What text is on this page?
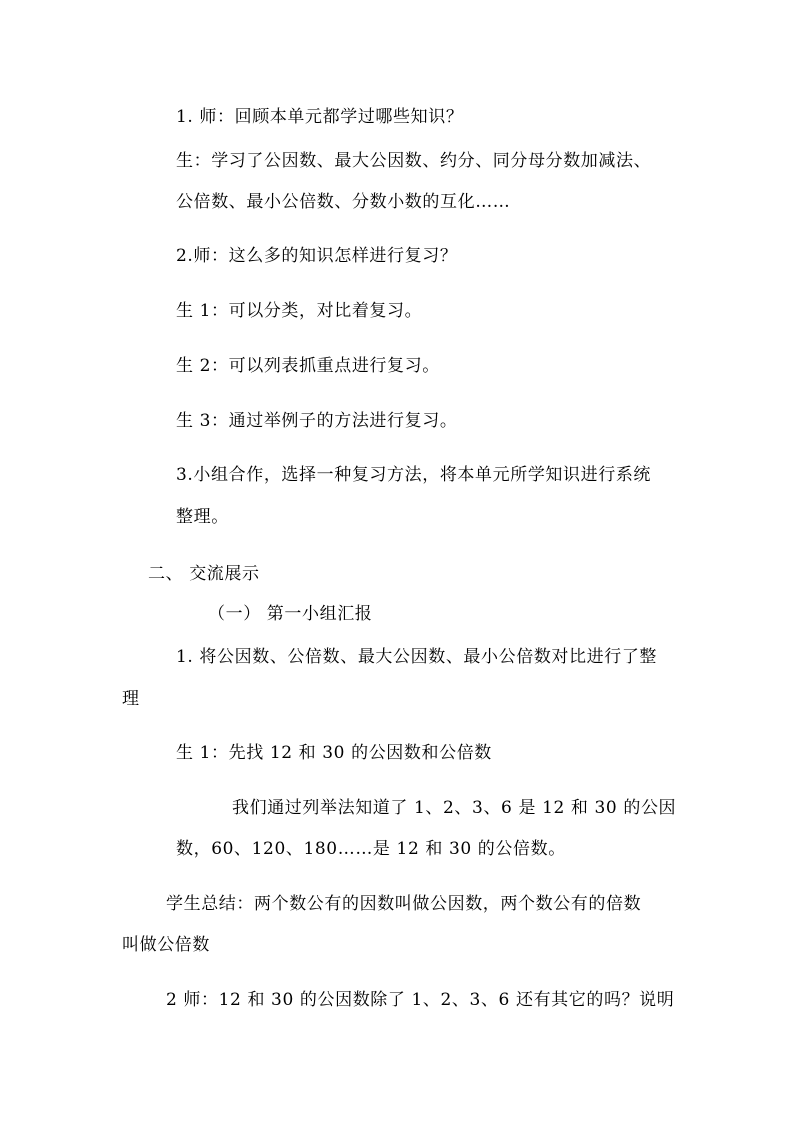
1. 师：回顾本单元都学过哪些知识？
生：学习了公因数、最大公因数、约分、同分母分数加减法、
公倍数、最小公倍数、分数小数的互化……
2.师：这么多的知识怎样进行复习？
生 1：可以分类，对比着复习。
生 2：可以列表抓重点进行复习。
生 3：通过举例子的方法进行复习。
3.小组合作，选择一种复习方法，将本单元所学知识进行系统
整理。
二、 交流展示
（一） 第一小组汇报
1. 将公因数、公倍数、最大公因数、最小公倍数对比进行了整
理
生 1：先找 12 和 30 的公因数和公倍数
我们通过列举法知道了 1、2、3、6 是 12 和 30 的公因
数，60、120、180……是 12 和 30 的公倍数。
学生总结：两个数公有的因数叫做公因数，两个数公有的倍数
叫做公倍数
2 师：12 和 30 的公因数除了 1、2、3、6 还有其它的吗？说明
